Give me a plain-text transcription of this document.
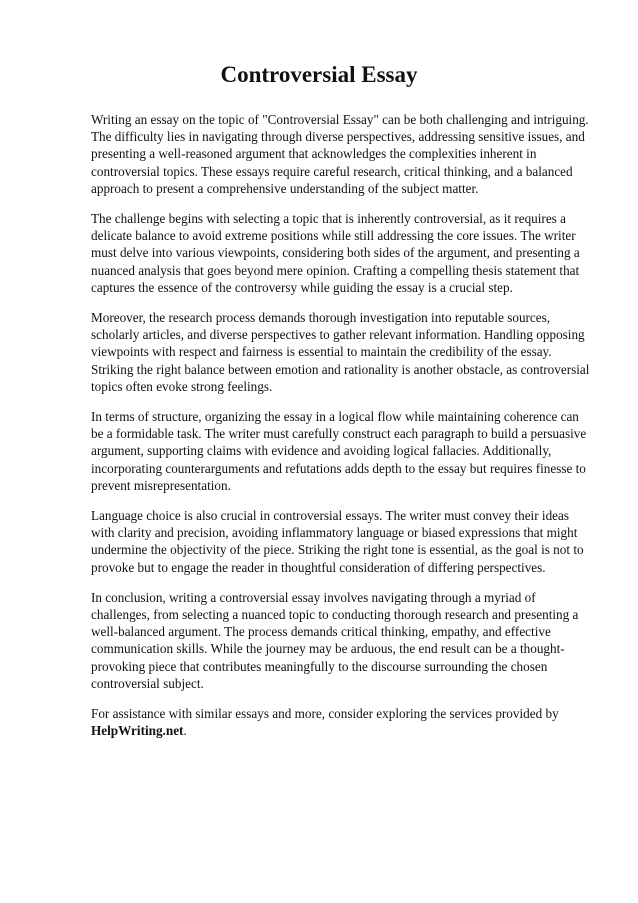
Controversial Essay

Writing an essay on the topic of "Controversial Essay" can be both challenging and intriguing. The difficulty lies in navigating through diverse perspectives, addressing sensitive issues, and presenting a well-reasoned argument that acknowledges the complexities inherent in controversial topics. These essays require careful research, critical thinking, and a balanced approach to present a comprehensive understanding of the subject matter.

The challenge begins with selecting a topic that is inherently controversial, as it requires a delicate balance to avoid extreme positions while still addressing the core issues. The writer must delve into various viewpoints, considering both sides of the argument, and presenting a nuanced analysis that goes beyond mere opinion. Crafting a compelling thesis statement that captures the essence of the controversy while guiding the essay is a crucial step.

Moreover, the research process demands thorough investigation into reputable sources, scholarly articles, and diverse perspectives to gather relevant information. Handling opposing viewpoints with respect and fairness is essential to maintain the credibility of the essay. Striking the right balance between emotion and rationality is another obstacle, as controversial topics often evoke strong feelings.

In terms of structure, organizing the essay in a logical flow while maintaining coherence can be a formidable task. The writer must carefully construct each paragraph to build a persuasive argument, supporting claims with evidence and avoiding logical fallacies. Additionally, incorporating counterarguments and refutations adds depth to the essay but requires finesse to prevent misrepresentation.

Language choice is also crucial in controversial essays. The writer must convey their ideas with clarity and precision, avoiding inflammatory language or biased expressions that might undermine the objectivity of the piece. Striking the right tone is essential, as the goal is not to provoke but to engage the reader in thoughtful consideration of differing perspectives.

In conclusion, writing a controversial essay involves navigating through a myriad of challenges, from selecting a nuanced topic to conducting thorough research and presenting a well-balanced argument. The process demands critical thinking, empathy, and effective communication skills. While the journey may be arduous, the end result can be a thought-provoking piece that contributes meaningfully to the discourse surrounding the chosen controversial subject.

For assistance with similar essays and more, consider exploring the services provided by HelpWriting.net.
